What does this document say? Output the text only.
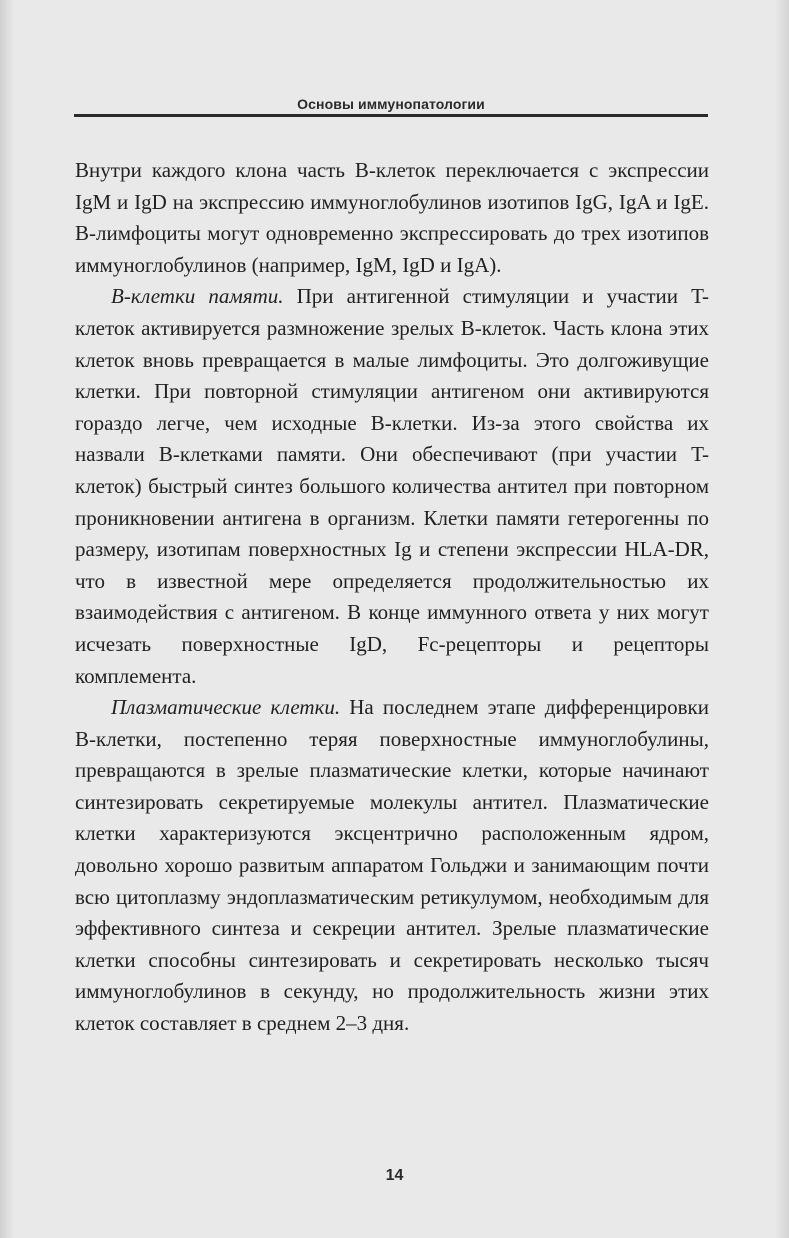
Основы иммунопатологии

Внутри каждого клона часть B-клеток переключается с экспрессии IgM и IgD на экспрессию иммуноглобулинов изотипов IgG, IgA и IgE. B-лимфоциты могут одновременно экспрессировать до трех изотипов иммуноглобулинов (например, IgM, IgD и IgA).

B-клетки памяти. При антигенной стимуляции и участии T-клеток активируется размножение зрелых B-клеток. Часть клона этих клеток вновь превращается в малые лимфоциты. Это долгоживущие клетки. При повторной стимуляции антигеном они активируются гораздо легче, чем исходные B-клетки. Из-за этого свойства их назвали B-клетками памяти. Они обеспечивают (при участии T-клеток) быстрый синтез большого количества антител при повторном проникновении антигена в организм. Клетки памяти гетерогенны по размеру, изотипам поверхностных Ig и степени экспрессии HLA-DR, что в известной мере определяется продолжительностью их взаимодействия с антигеном. В конце иммунного ответа у них могут исчезать поверхностные IgD, Fc-рецепторы и рецепторы комплемента.

Плазматические клетки. На последнем этапе дифференцировки B-клетки, постепенно теряя поверхностные иммуноглобулины, превращаются в зрелые плазматические клетки, которые начинают синтезировать секретируемые молекулы антител. Плазматические клетки характеризуются эксцентрично расположенным ядром, довольно хорошо развитым аппаратом Гольджи и занимающим почти всю цитоплазму эндоплазматическим ретикулумом, необходимым для эффективного синтеза и секреции антител. Зрелые плазматические клетки способны синтезировать и секретировать несколько тысяч иммуноглобулинов в секунду, но продолжительность жизни этих клеток составляет в среднем 2–3 дня.

14
